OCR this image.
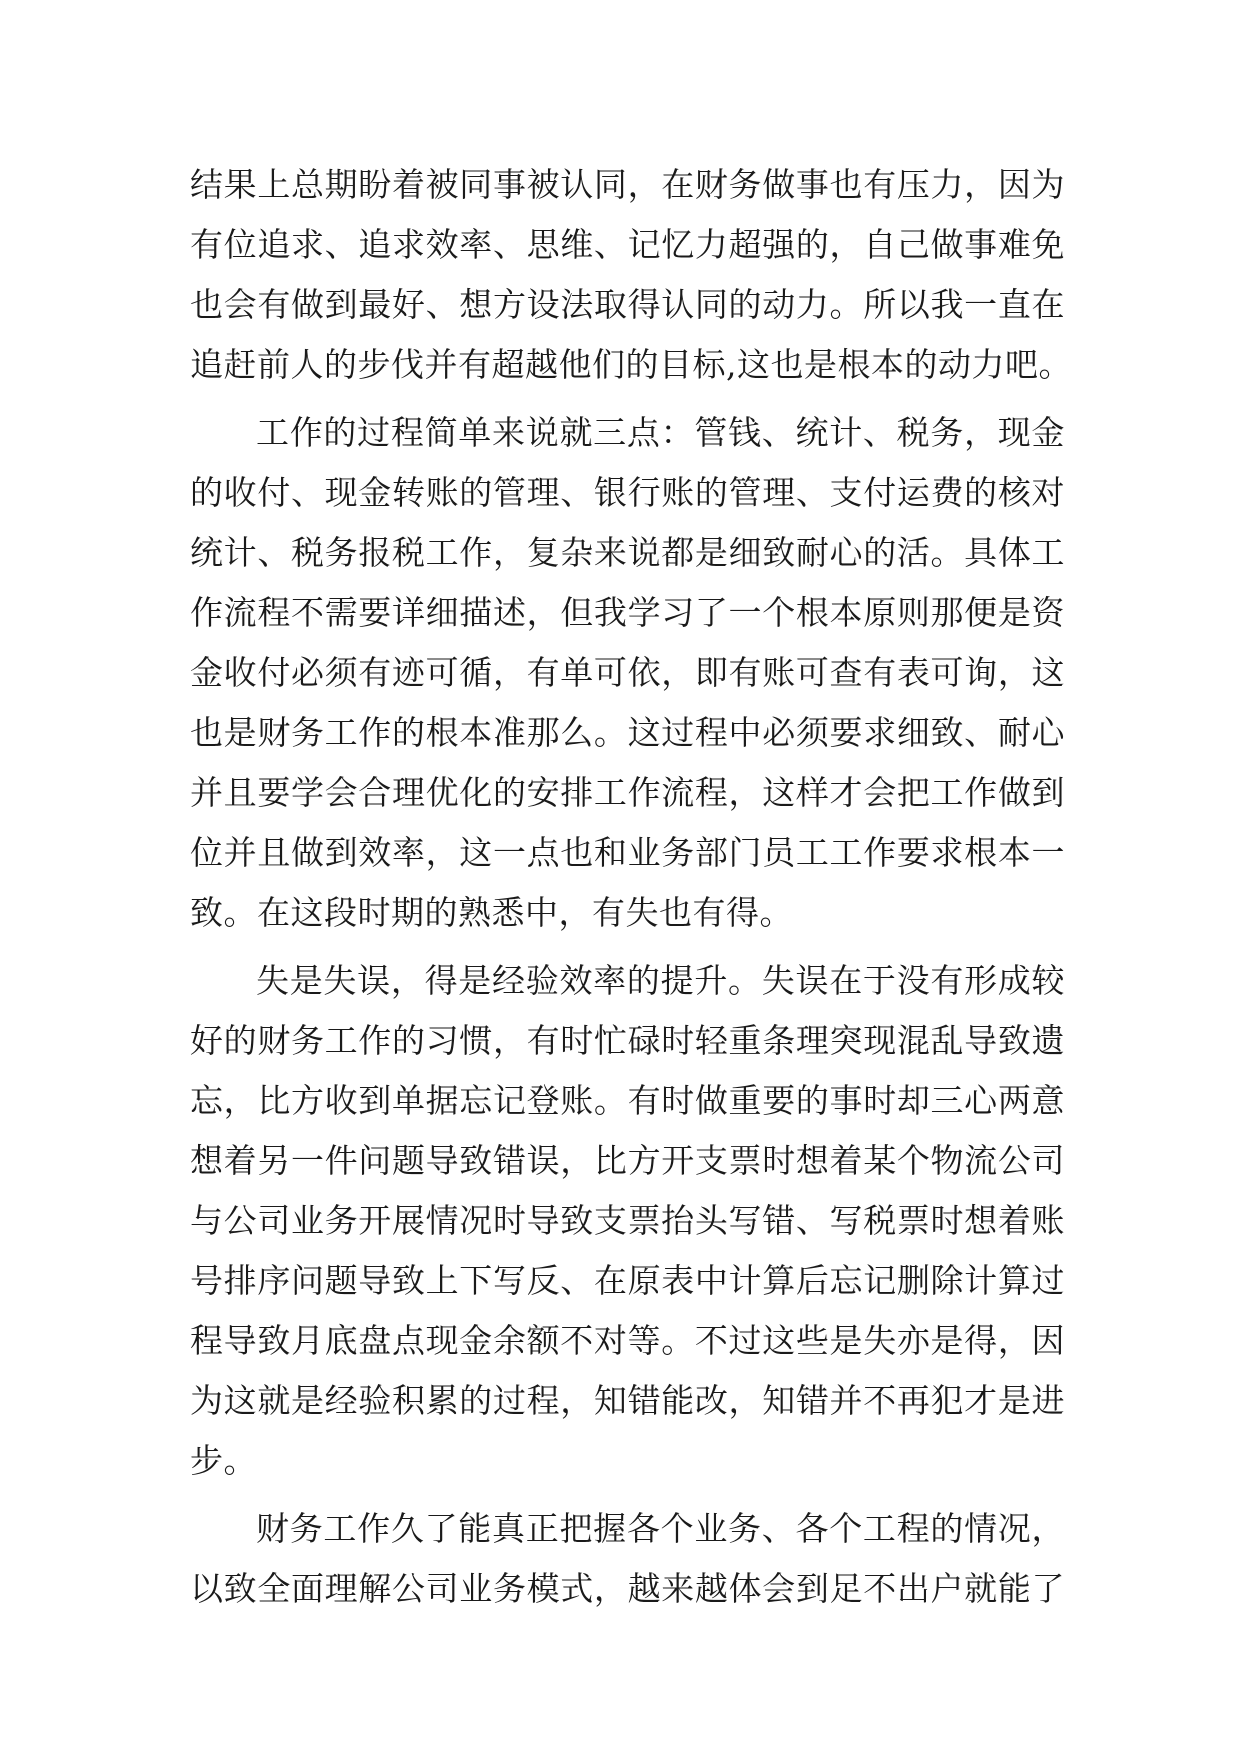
结果上总期盼着被同事被认同，在财务做事也有压力，因为
有位追求、追求效率、思维、记忆力超强的，自己做事难免
也会有做到最好、想方设法取得认同的动力。所以我一直在
追赶前人的步伐并有超越他们的目标,这也是根本的动力吧。
工作的过程简单来说就三点：管钱、统计、税务，现金
的收付、现金转账的管理、银行账的管理、支付运费的核对
统计、税务报税工作，复杂来说都是细致耐心的活。具体工
作流程不需要详细描述，但我学习了一个根本原则那便是资
金收付必须有迹可循，有单可依，即有账可查有表可询，这
也是财务工作的根本准那么。这过程中必须要求细致、耐心
并且要学会合理优化的安排工作流程，这样才会把工作做到
位并且做到效率，这一点也和业务部门员工工作要求根本一
致。在这段时期的熟悉中，有失也有得。
失是失误，得是经验效率的提升。失误在于没有形成较
好的财务工作的习惯，有时忙碌时轻重条理突现混乱导致遗
忘，比方收到单据忘记登账。有时做重要的事时却三心两意
想着另一件问题导致错误，比方开支票时想着某个物流公司
与公司业务开展情况时导致支票抬头写错、写税票时想着账
号排序问题导致上下写反、在原表中计算后忘记删除计算过
程导致月底盘点现金余额不对等。不过这些是失亦是得，因
为这就是经验积累的过程，知错能改，知错并不再犯才是进
步。
财务工作久了能真正把握各个业务、各个工程的情况，
以致全面理解公司业务模式，越来越体会到足不出户就能了
